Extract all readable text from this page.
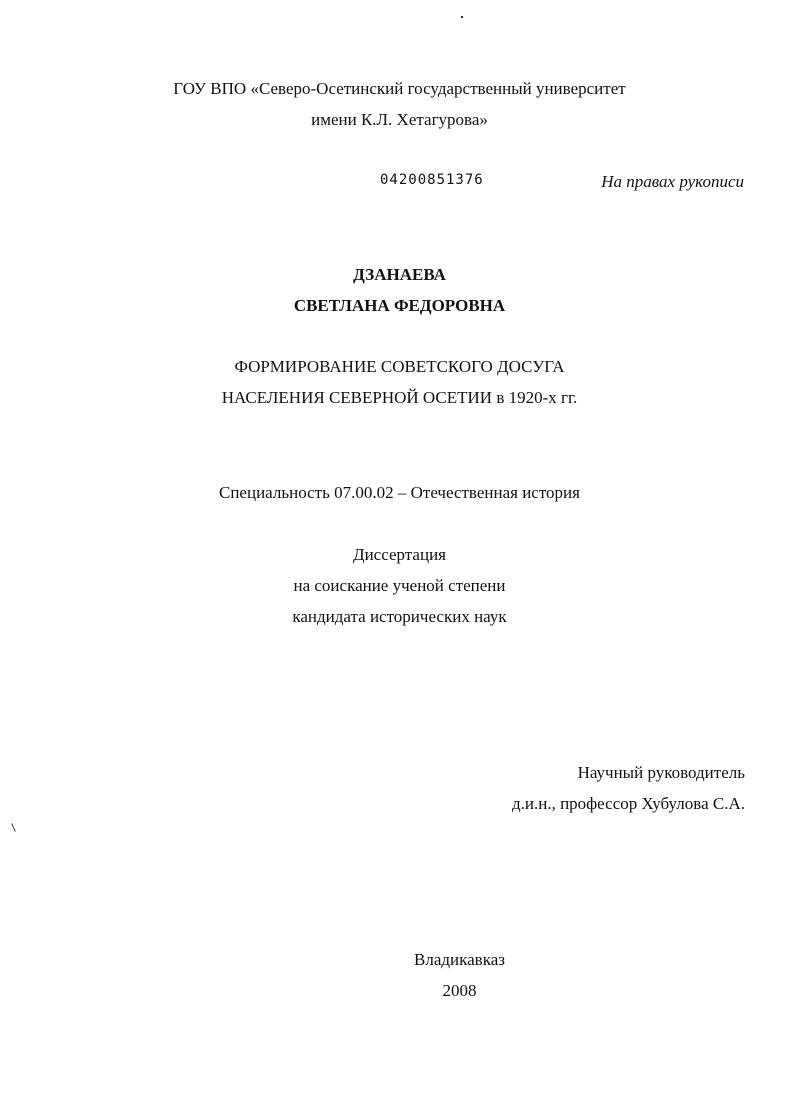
ГОУ ВПО «Северо-Осетинский государственный университет
имени К.Л. Хетагурова»
04200851376	На правах рукописи
ДЗАНАЕВА
СВЕТЛАНА ФЕДОРОВНА
ФОРМИРОВАНИЕ СОВЕТСКОГО ДОСУГА
НАСЕЛЕНИЯ СЕВЕРНОЙ ОСЕТИИ в 1920-х гг.
Специальность 07.00.02 – Отечественная история
Диссертация
на соискание ученой степени
кандидата исторических наук
Научный руководитель
д.и.н., профессор Хубулова С.А.
Владикавказ
2008
